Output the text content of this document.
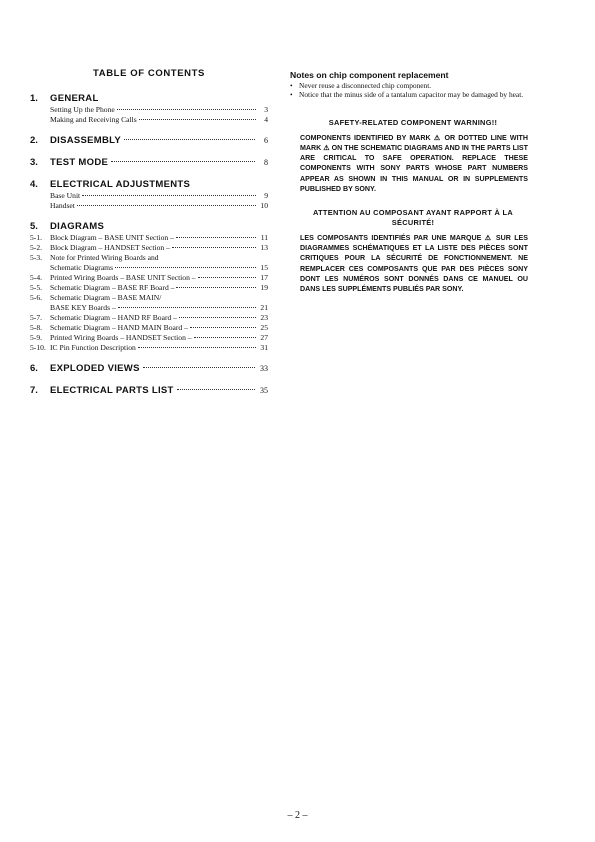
TABLE OF CONTENTS
1.	GENERAL
Setting Up the Phone	3
Making and Receiving Calls	4
2.	DISASSEMBLY	6
3.	TEST MODE	8
4.	ELECTRICAL ADJUSTMENTS
Base Unit	9
Handset	10
5.	DIAGRAMS
5-1.	Block Diagram – BASE UNIT Section –	11
5-2.	Block Diagram – HANDSET Section –	13
5-3.	Note for Printed Wiring Boards and
Schematic Diagrams	15
5-4.	Printed Wiring Boards – BASE UNIT Section –	17
5-5.	Schematic Diagram – BASE RF Board –	19
5-6.	Schematic Diagram – BASE MAIN/
BASE KEY Boards –	21
5-7.	Schematic Diagram – HAND RF Board –	23
5-8.	Schematic Diagram – HAND MAIN Board –	25
5-9.	Printed Wiring Boards – HANDSET Section –	27
5-10. IC Pin Function Description	31
6.	EXPLODED VIEWS	33
7.	ELECTRICAL PARTS LIST	35
Notes on chip component replacement
• Never reuse a disconnected chip component.
• Notice that the minus side of a tantalum capacitor may be damaged by heat.
SAFETY-RELATED COMPONENT WARNING!!
COMPONENTS IDENTIFIED BY MARK ⚠ OR DOTTED LINE WITH MARK ⚠ ON THE SCHEMATIC DIAGRAMS AND IN THE PARTS LIST ARE CRITICAL TO SAFE OPERATION. REPLACE THESE COMPONENTS WITH SONY PARTS WHOSE PART NUMBERS APPEAR AS SHOWN IN THIS MANUAL OR IN SUPPLEMENTS PUBLISHED BY SONY.
ATTENTION AU COMPOSANT AYANT RAPPORT À LA SÉCURITÉ!
LES COMPOSANTS IDENTIFIÉS PAR UNE MARQUE ⚠ SUR LES DIAGRAMMES SCHÉMATIQUES ET LA LISTE DES PIÈCES SONT CRITIQUES POUR LA SÉCURITÉ DE FONCTIONNEMENT. NE REMPLACER CES COMPOSANTS QUE PAR DES PIÈCES SONY DONT LES NUMÉROS SONT DONNÉS DANS CE MANUEL OU DANS LES SUPPLÉMENTS PUBLIÉS PAR SONY.
– 2 –
